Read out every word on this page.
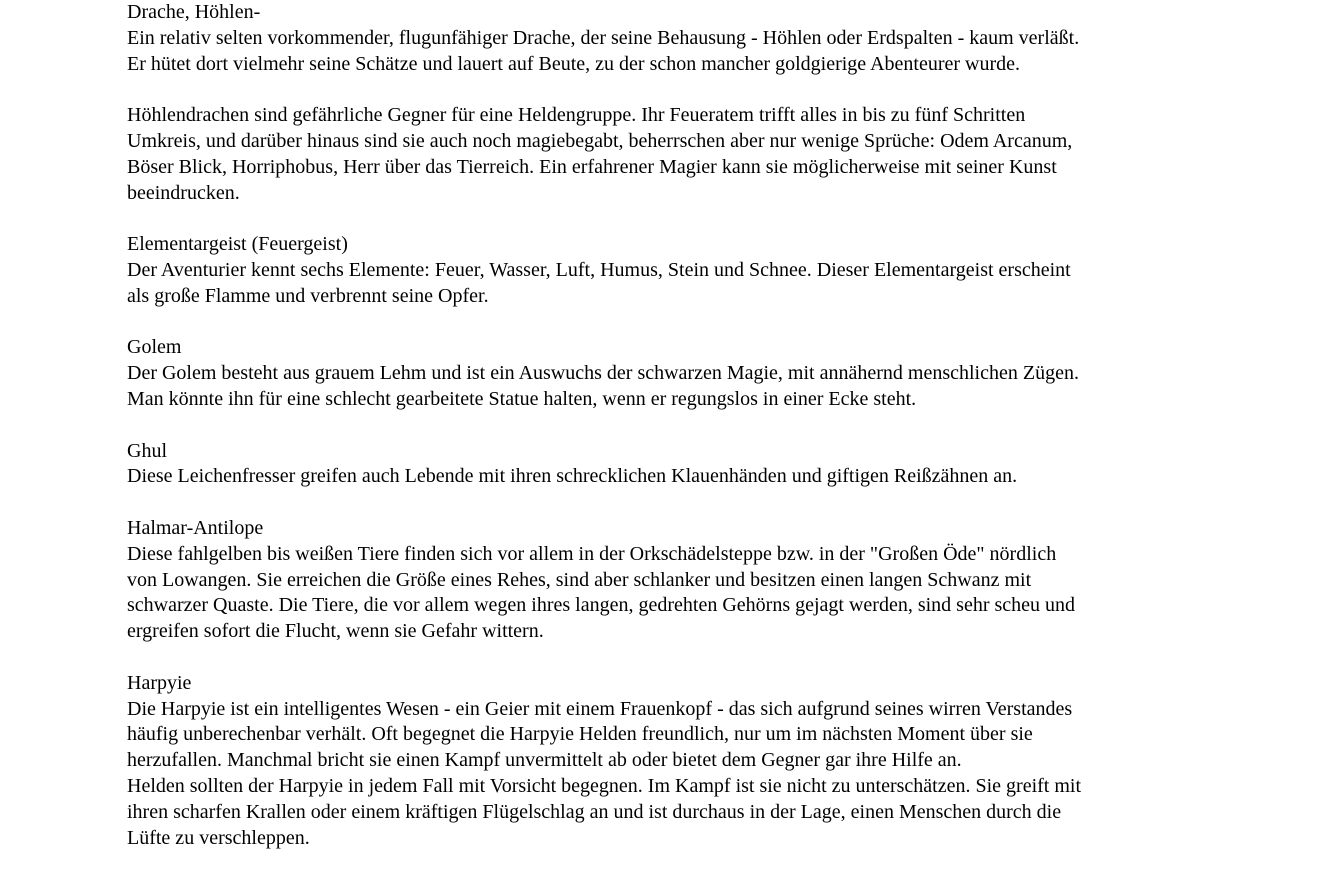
Drache, Höhlen-
Ein relativ selten vorkommender, flugunfähiger Drache, der seine Behausung - Höhlen oder Erdspalten - kaum verläßt.
Er hütet dort vielmehr seine Schätze und lauert auf Beute, zu der schon mancher goldgierige Abenteurer wurde.
Höhlendrachen sind gefährliche Gegner für eine Heldengruppe. Ihr Feueratem trifft alles in bis zu fünf Schritten
Umkreis, und darüber hinaus sind sie auch noch magiebegabt, beherrschen aber nur wenige Sprüche: Odem Arcanum,
Böser Blick, Horriphobus, Herr über das Tierreich. Ein erfahrener Magier kann sie möglicherweise mit seiner Kunst
beeindrucken.
Elementargeist (Feuergeist)
Der Aventurier kennt sechs Elemente: Feuer, Wasser, Luft, Humus, Stein und Schnee. Dieser Elementargeist erscheint
als große Flamme und verbrennt seine Opfer.
Golem
Der Golem besteht aus grauem Lehm und ist ein Auswuchs der schwarzen Magie, mit annähernd menschlichen Zügen.
Man könnte ihn für eine schlecht gearbeitete Statue halten, wenn er regungslos in einer Ecke steht.
Ghul
Diese Leichenfresser greifen auch Lebende mit ihren schrecklichen Klauenhänden und giftigen Reißzähnen an.
Halmar-Antilope
Diese fahlgelben bis weißen Tiere finden sich vor allem in der Orkschädelsteppe bzw. in der "Großen Öde" nördlich
von Lowangen. Sie erreichen die Größe eines Rehes, sind aber schlanker und besitzen einen langen Schwanz mit
schwarzer Quaste. Die Tiere, die vor allem wegen ihres langen, gedrehten Gehörns gejagt werden, sind sehr scheu und
ergreifen sofort die Flucht, wenn sie Gefahr wittern.
Harpyie
Die Harpyie ist ein intelligentes Wesen - ein Geier mit einem Frauenkopf - das sich aufgrund seines wirren Verstandes
häufig unberechenbar verhält. Oft begegnet die Harpyie Helden freundlich, nur um im nächsten Moment über sie
herzufallen. Manchmal bricht sie einen Kampf unvermittelt ab oder bietet dem Gegner gar ihre Hilfe an.
Helden sollten der Harpyie in jedem Fall mit Vorsicht begegnen. Im Kampf ist sie nicht zu unterschätzen. Sie greift mit
ihren scharfen Krallen oder einem kräftigen Flügelschlag an und ist durchaus in der Lage, einen Menschen durch die
Lüfte zu verschleppen.
